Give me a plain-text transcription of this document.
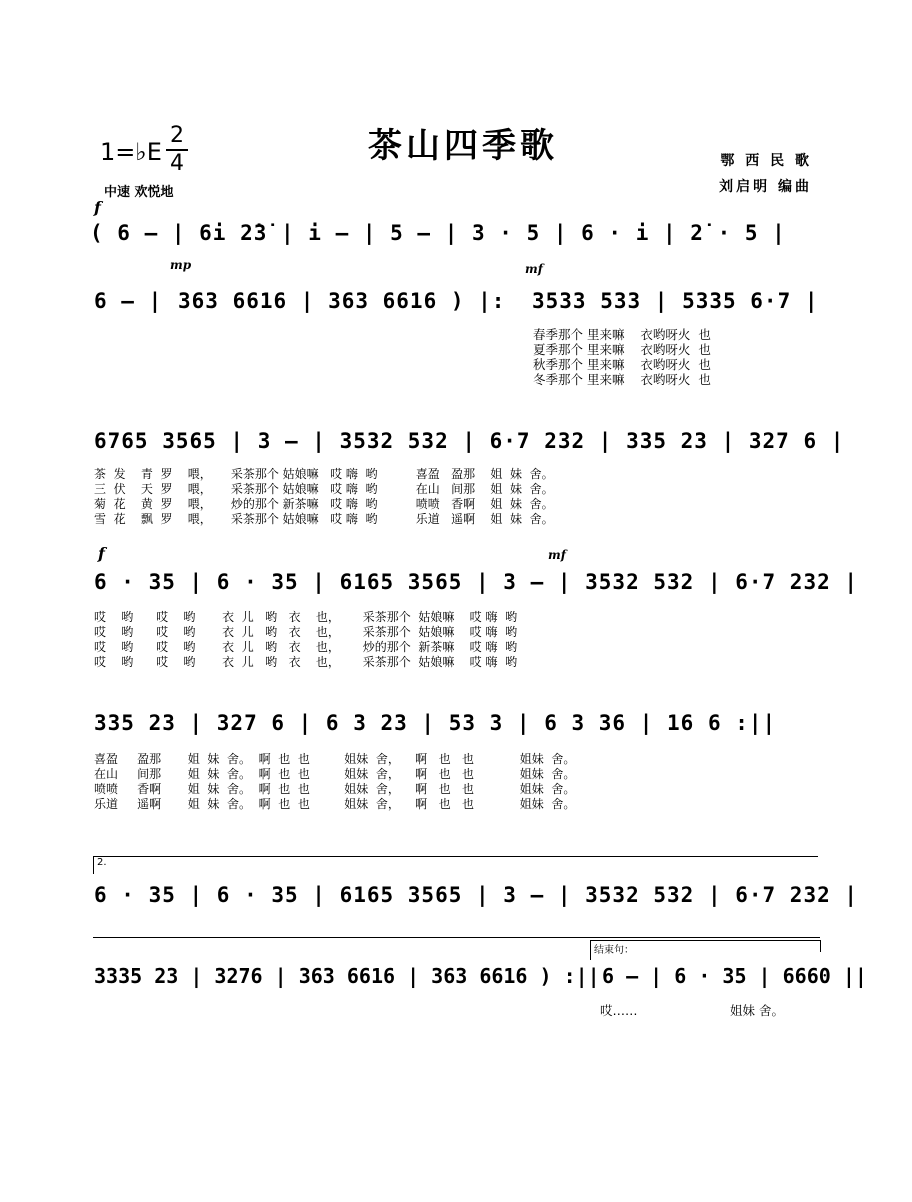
1=♭E
2
4	茶山四季歌
中速 欢悦地
鄂 西 民 歌
刘启明 编曲
f
( 6 — | 6i 2̇3̇ | i — | 5 — | 3 · 5 | 6 · i | 2̇ · 5 |
mp	mf
6 — | 363 6616 | 363 6616 ) |: 3533 533 | 5335 6·7 |
春季那个 里来嘛    衣哟呀火  也
夏季那个 里来嘛    衣哟呀火  也
秋季那个 里来嘛    衣哟呀火  也
冬季那个 里来嘛    衣哟呀火  也
6765 3565 | 3 — | 3532 532 | 6·7 232 | 335 23 | 327 6 |
茶  发    青  罗    喂，     采茶那个 姑娘嘛   哎 嗨  哟          喜盈   盈那    姐  妹  舍。
三  伏    天  罗    喂，     采茶那个 姑娘嘛   哎 嗨  哟          在山   间那    姐  妹  舍。
菊  花    黄  罗    喂，     炒的那个 新茶嘛   哎 嗨  哟          喷喷   香啊    姐  妹  舍。
雪  花    飘  罗    喂，     采茶那个 姑娘嘛   哎 嗨  哟          乐道   遥啊    姐  妹  舍。
f	mf
6 · 35 | 6 · 35 | 6165 3565 | 3 — | 3532 532 | 6·7 232 |
哎    哟      哎    哟       衣  儿   哟   衣    也，      采茶那个  姑娘嘛    哎 嗨  哟
哎    哟      哎    哟       衣  儿   哟   衣    也，      采茶那个  姑娘嘛    哎 嗨  哟
哎    哟      哎    哟       衣  儿   哟   衣    也，      炒的那个  新茶嘛    哎 嗨  哟
哎    哟      哎    哟       衣  儿   哟   衣    也，      采茶那个  姑娘嘛    哎 嗨  哟
335 23 | 327 6 | 6 3 23 | 53 3 | 6 3 36 | 16 6 :||
喜盈     盈那       姐  妹  舍。  啊  也  也         姐妹  舍，    啊   也   也            姐妹  舍。
在山     间那       姐  妹  舍。  啊  也  也         姐妹  舍，    啊   也   也            姐妹  舍。
喷喷     香啊       姐  妹  舍。  啊  也  也         姐妹  舍，    啊   也   也            姐妹  舍。
乐道     遥啊       姐  妹  舍。  啊  也  也         姐妹  舍，    啊   也   也            姐妹  舍。
2.
6 · 35 | 6 · 35 | 6165 3565 | 3 — | 3532 532 | 6·7 232 |
结束句：
3335 23 | 3276 | 363 6616 | 363 6616 ) :|| 6 — | 6 · 35 | 6660 ||
哎……	姐妹 舍。
